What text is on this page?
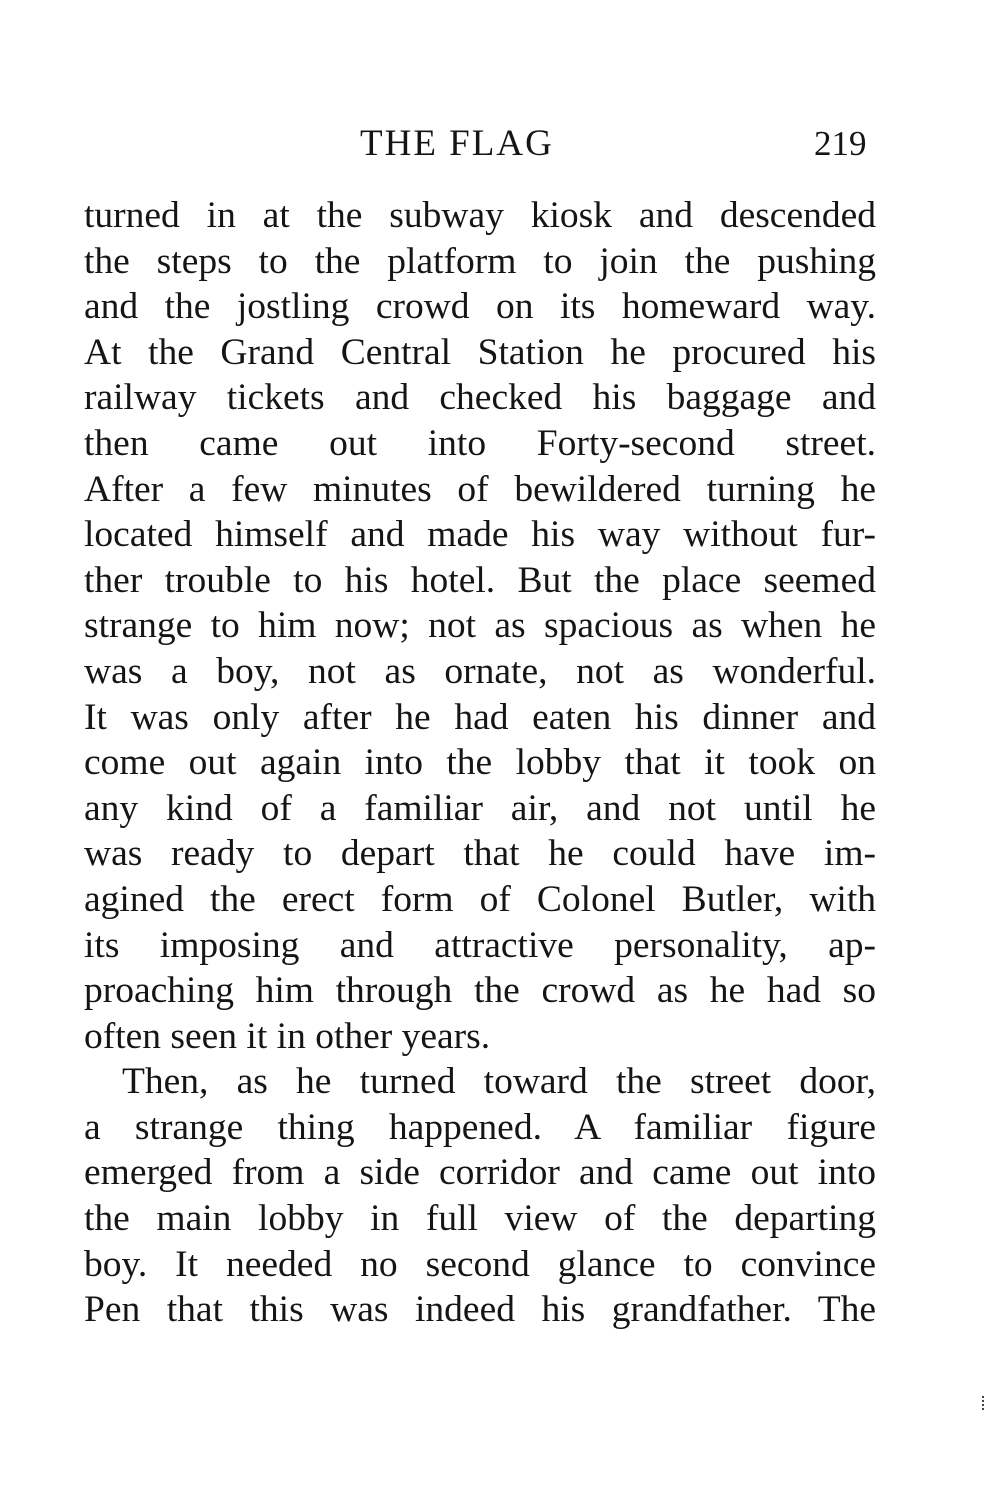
THE FLAG	219
turned in at the subway kiosk and descended
the steps to the platform to join the pushing
and the jostling crowd on its homeward way.
At the Grand Central Station he procured his
railway tickets and checked his baggage and
then came out into Forty-second street.
After a few minutes of bewildered turning he
located himself and made his way without fur-
ther trouble to his hotel. But the place seemed
strange to him now; not as spacious as when he
was a boy, not as ornate, not as wonderful.
It was only after he had eaten his dinner and
come out again into the lobby that it took on
any kind of a familiar air, and not until he
was ready to depart that he could have im-
agined the erect form of Colonel Butler, with
its imposing and attractive personality, ap-
proaching him through the crowd as he had so
often seen it in other years.
Then, as he turned toward the street door,
a strange thing happened. A familiar figure
emerged from a side corridor and came out into
the main lobby in full view of the departing
boy. It needed no second glance to convince
Pen that this was indeed his grandfather. The
